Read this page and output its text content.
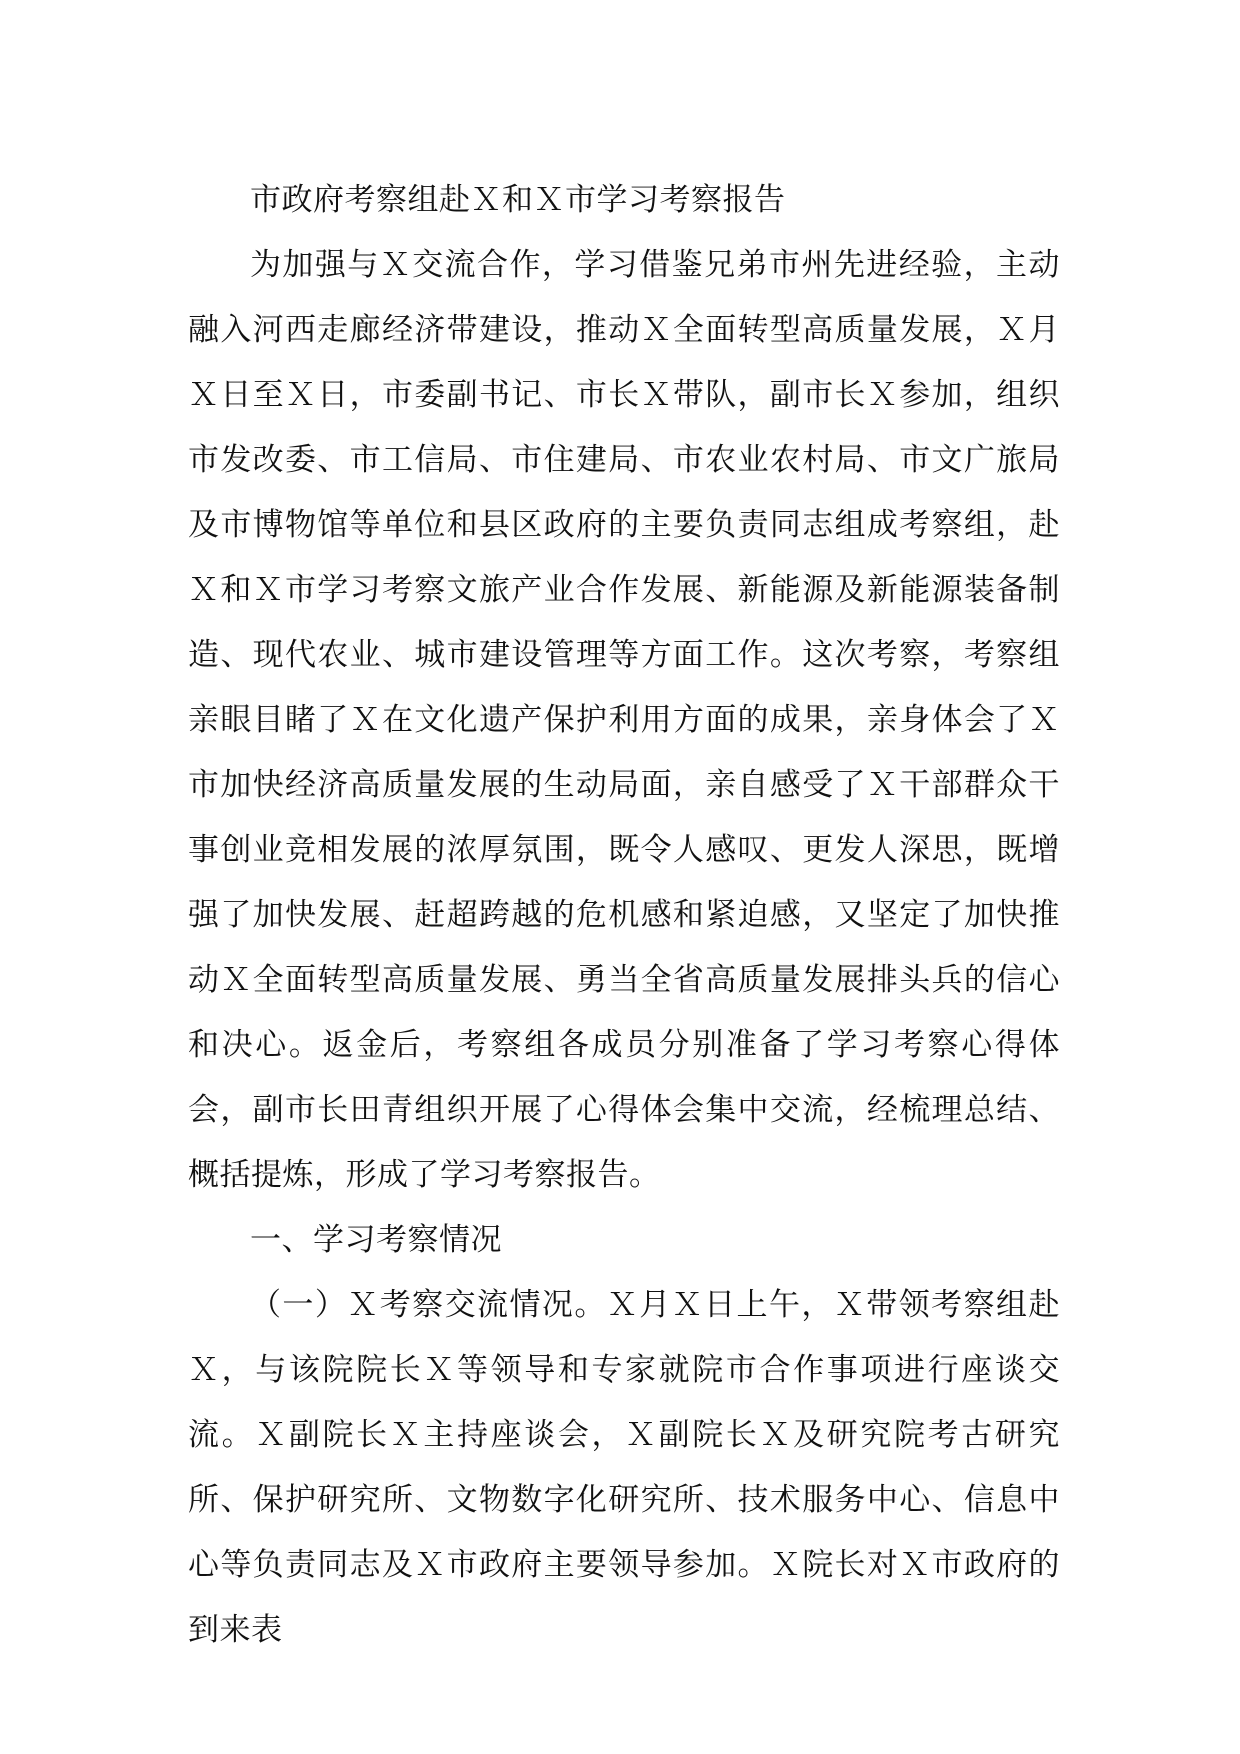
市政府考察组赴Ｘ和Ｘ市学习考察报告

为加强与Ｘ交流合作，学习借鉴兄弟市州先进经验，主动融入河西走廊经济带建设，推动Ｘ全面转型高质量发展，Ｘ月Ｘ日至Ｘ日，市委副书记、市长Ｘ带队，副市长Ｘ参加，组织市发改委、市工信局、市住建局、市农业农村局、市文广旅局及市博物馆等单位和县区政府的主要负责同志组成考察组，赴Ｘ和Ｘ市学习考察文旅产业合作发展、新能源及新能源装备制造、现代农业、城市建设管理等方面工作。这次考察，考察组亲眼目睹了Ｘ在文化遗产保护利用方面的成果，亲身体会了Ｘ市加快经济高质量发展的生动局面，亲自感受了Ｘ干部群众干事创业竞相发展的浓厚氛围，既令人感叹、更发人深思，既增强了加快发展、赶超跨越的危机感和紧迫感，又坚定了加快推动Ｘ全面转型高质量发展、勇当全省高质量发展排头兵的信心和决心。返金后，考察组各成员分别准备了学习考察心得体会，副市长田青组织开展了心得体会集中交流，经梳理总结、概括提炼，形成了学习考察报告。

一、学习考察情况

（一）Ｘ考察交流情况。Ｘ月Ｘ日上午，Ｘ带领考察组赴Ｘ，与该院院长Ｘ等领导和专家就院市合作事项进行座谈交流。Ｘ副院长Ｘ主持座谈会，Ｘ副院长Ｘ及研究院考古研究所、保护研究所、文物数字化研究所、技术服务中心、信息中心等负责同志及Ｘ市政府主要领导参加。Ｘ院长对Ｘ市政府的到来表
